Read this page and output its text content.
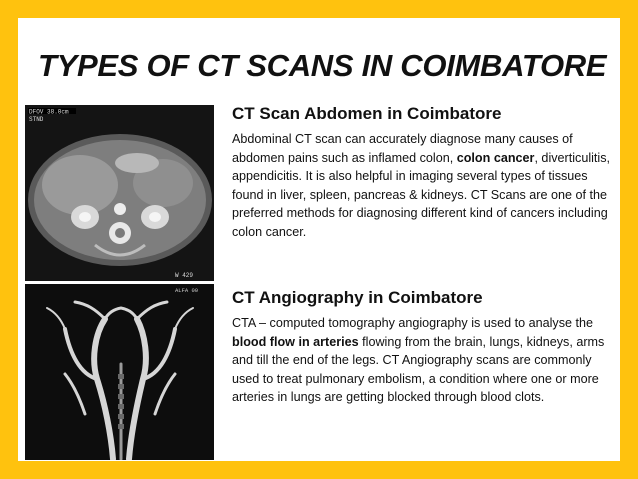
TYPES OF CT SCANS IN COIMBATORE
DFOV 38.0cm
STND
W 429
ALFA 00
CT Scan Abdomen in Coimbatore

Abdominal CT scan can accurately diagnose many causes of abdomen pains such as inflamed colon, colon cancer, diverticulitis, appendicitis. It is also helpful in imaging several types of tissues found in liver, spleen, pancreas & kidneys. CT Scans are one of the preferred methods for diagnosing different kind of cancers including colon cancer.

CT Angiography in Coimbatore

CTA – computed tomography angiography is used to analyse the blood flow in arteries flowing from the brain, lungs, kidneys, arms and till the end of the legs. CT Angiography scans are commonly used to treat pulmonary embolism, a condition where one or more arteries in lungs are getting blocked through blood clots.
